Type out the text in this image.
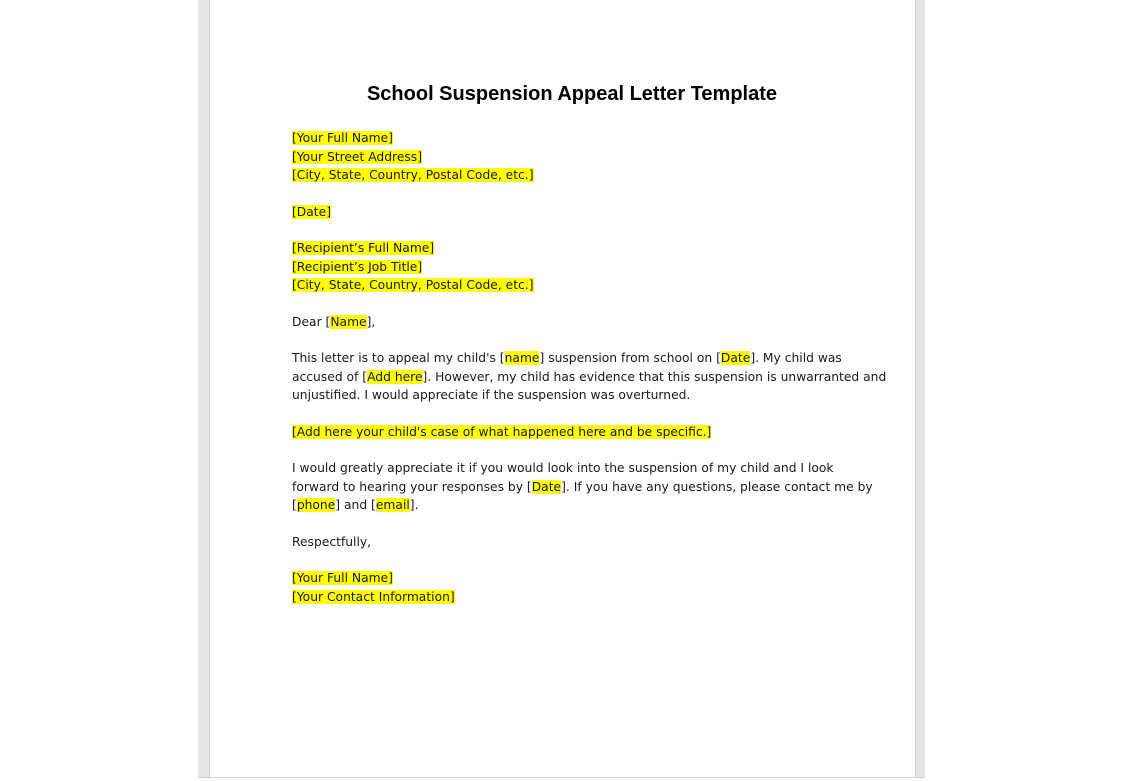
School Suspension Appeal Letter Template
[Your Full Name]
[Your Street Address]
[City, State, Country, Postal Code, etc.]
[Date]
[Recipient’s Full Name]
[Recipient’s Job Title]
[City, State, Country, Postal Code, etc.]
Dear [Name],
This letter is to appeal my child's [name] suspension from school on [Date]. My child was
accused of [Add here]. However, my child has evidence that this suspension is unwarranted and
unjustified. I would appreciate if the suspension was overturned.
[Add here your child's case of what happened here and be specific.]
I would greatly appreciate it if you would look into the suspension of my child and I look
forward to hearing your responses by [Date]. If you have any questions, please contact me by
[phone] and [email].
Respectfully,
[Your Full Name]
[Your Contact Information]
